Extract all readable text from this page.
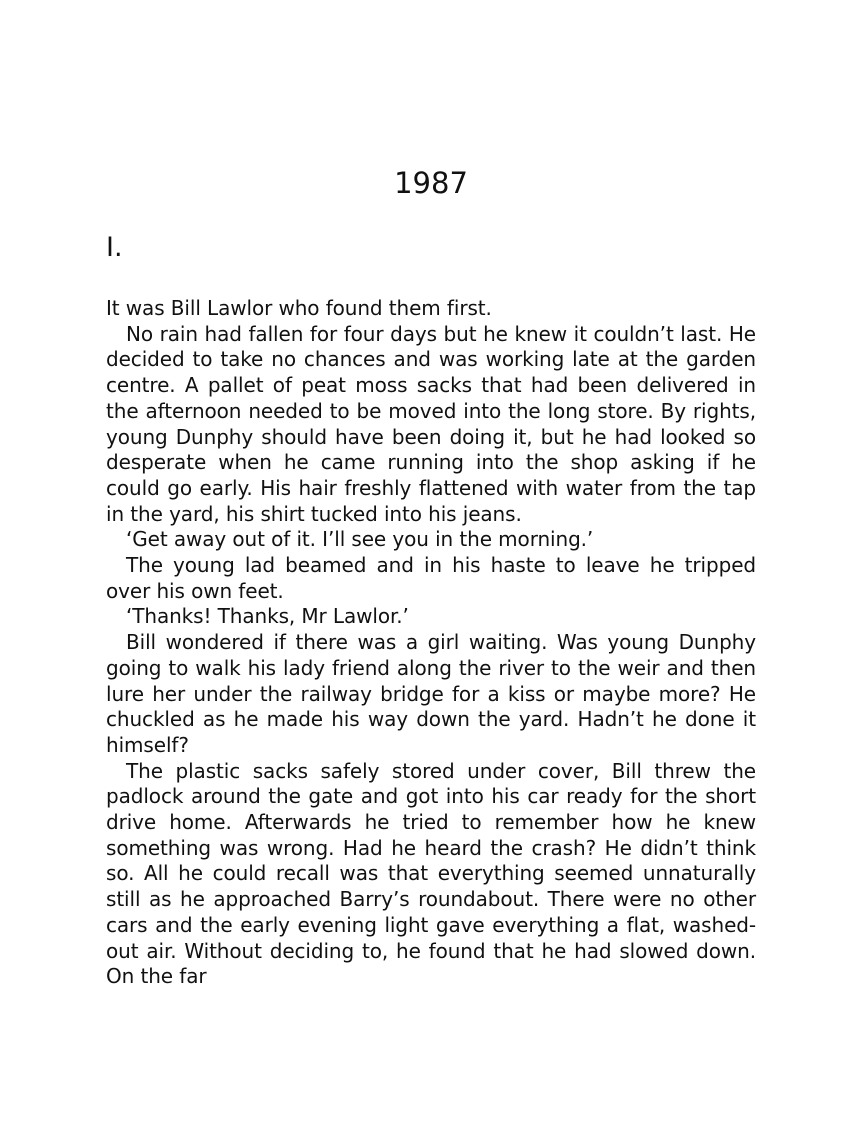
1987
I.

It was Bill Lawlor who found them first.

No rain had fallen for four days but he knew it couldn’t last. He decided to take no chances and was working late at the garden centre. A pallet of peat moss sacks that had been delivered in the afternoon needed to be moved into the long store. By rights, young Dunphy should have been doing it, but he had looked so desperate when he came running into the shop asking if he could go early. His hair freshly flattened with water from the tap in the yard, his shirt tucked into his jeans.

‘Get away out of it. I’ll see you in the morning.’

The young lad beamed and in his haste to leave he tripped over his own feet.

‘Thanks! Thanks, Mr Lawlor.’

Bill wondered if there was a girl waiting. Was young Dunphy going to walk his lady friend along the river to the weir and then lure her under the railway bridge for a kiss or maybe more? He chuckled as he made his way down the yard. Hadn’t he done it himself?

The plastic sacks safely stored under cover, Bill threw the padlock around the gate and got into his car ready for the short drive home. Afterwards he tried to remember how he knew something was wrong. Had he heard the crash? He didn’t think so. All he could recall was that everything seemed unnaturally still as he approached Barry’s roundabout. There were no other cars and the early evening light gave everything a flat, washed-out air. Without deciding to, he found that he had slowed down. On the far
